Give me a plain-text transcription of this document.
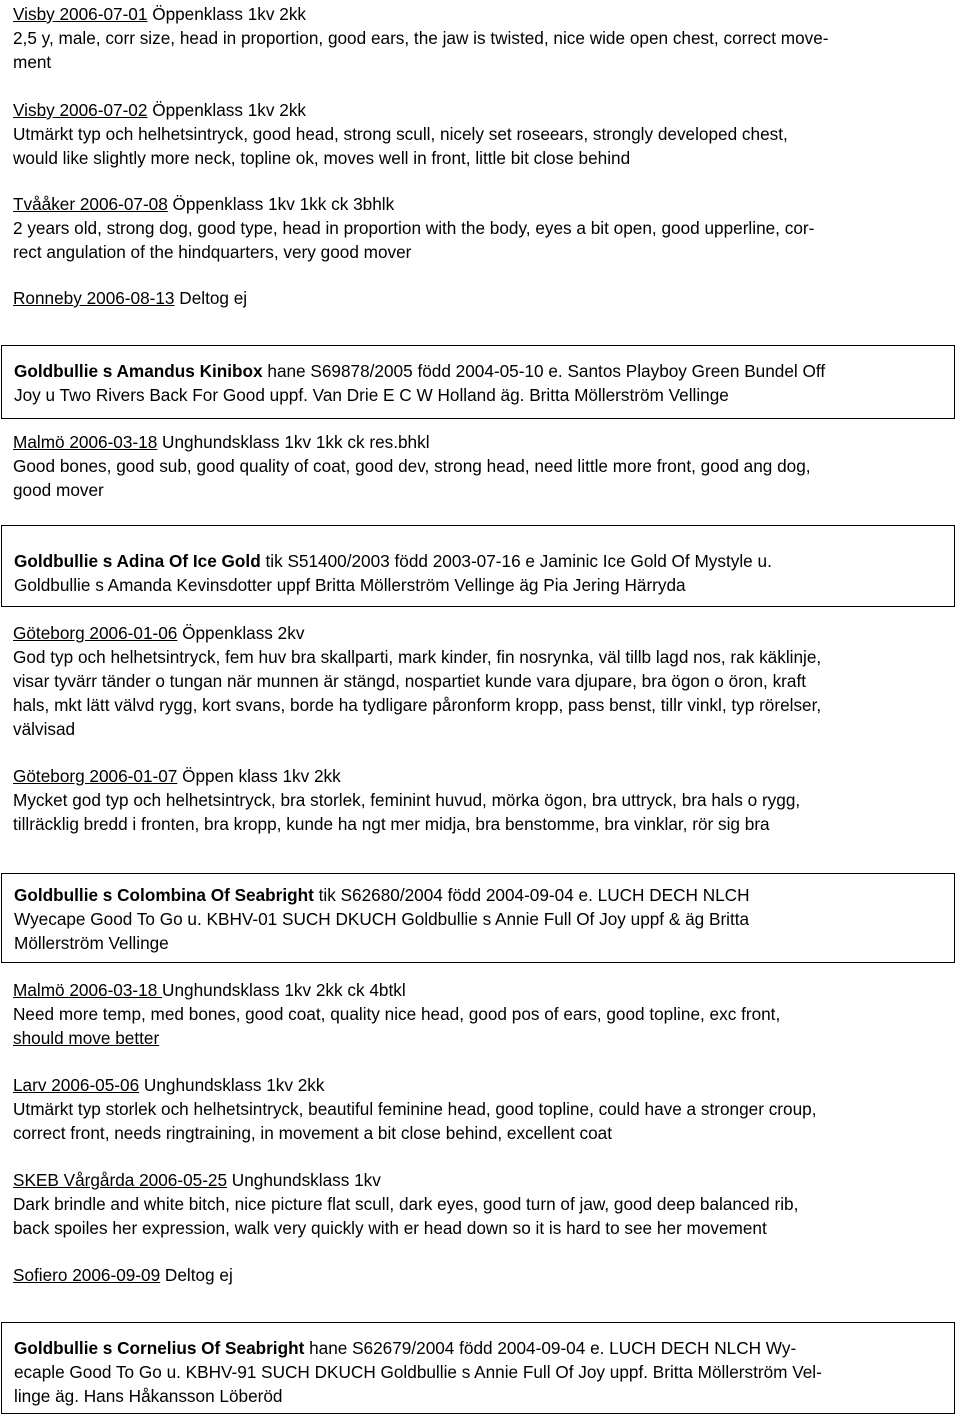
Visby 2006-07-01 Öppenklass 1kv 2kk
2,5 y, male, corr size, head in proportion, good ears, the jaw is twisted, nice wide open chest, correct move-
ment
Visby 2006-07-02 Öppenklass 1kv 2kk
Utmärkt typ och helhetsintryck, good head, strong scull, nicely set roseears, strongly developed chest,
would like slightly more neck, topline ok, moves well in front, little bit close behind
Tvååker 2006-07-08 Öppenklass 1kv 1kk ck 3bhlk
2 years old, strong dog, good type, head in proportion with the body, eyes a bit open, good upperline, cor-
rect angulation of the hindquarters, very good mover
Ronneby 2006-08-13 Deltog ej
Goldbullie s Amandus Kinibox hane S69878/2005 född 2004-05-10 e. Santos Playboy Green Bundel Off
Joy u Two Rivers Back For Good uppf. Van Drie E C W Holland äg. Britta Möllerström Vellinge
Malmö 2006-03-18 Unghundsklass 1kv 1kk ck res.bhkl
Good bones, good sub, good quality of coat, good dev, strong head, need little more front, good ang dog,
good mover
Goldbullie s Adina Of Ice Gold tik S51400/2003 född 2003-07-16 e Jaminic Ice Gold Of Mystyle u.
Goldbullie s Amanda Kevinsdotter uppf Britta Möllerström Vellinge äg Pia Jering Härryda
Göteborg 2006-01-06 Öppenklass 2kv
God typ och helhetsintryck, fem huv bra skallparti, mark kinder, fin nosrynka, väl tillb lagd nos, rak käklinje,
visar tyvärr tänder o tungan när munnen är stängd, nospartiet kunde vara djupare, bra ögon o öron, kraft
hals, mkt lätt välvd rygg, kort svans, borde ha tydligare påronform kropp, pass benst, tillr vinkl, typ rörelser,
välvisad
Göteborg 2006-01-07 Öppen klass 1kv 2kk
Mycket god typ och helhetsintryck, bra storlek, feminint huvud, mörka ögon, bra uttryck, bra hals o rygg,
tillräcklig bredd i fronten, bra kropp, kunde ha ngt mer midja, bra benstomme, bra vinklar, rör sig bra
Goldbullie s Colombina Of Seabright tik S62680/2004 född 2004-09-04 e. LUCH DECH NLCH
Wyecape Good To Go u. KBHV-01 SUCH DKUCH Goldbullie s Annie Full Of Joy uppf & äg Britta
Möllerström Vellinge
Malmö 2006-03-18 Unghundsklass 1kv 2kk ck 4btkl
Need more temp, med bones, good coat, quality nice head, good pos of ears, good topline, exc front,
should move better
Larv 2006-05-06 Unghundsklass 1kv 2kk
Utmärkt typ storlek och helhetsintryck, beautiful feminine head, good topline, could have a stronger croup,
correct front, needs ringtraining, in movement a bit close behind, excellent coat
SKEB Vårgårda 2006-05-25 Unghundsklass 1kv
Dark brindle and white bitch, nice picture flat scull, dark eyes, good turn of jaw, good deep balanced rib,
back spoiles her expression, walk very quickly with er head down so it is hard to see her movement
Sofiero 2006-09-09 Deltog ej
Goldbullie s Cornelius Of Seabright hane S62679/2004 född 2004-09-04 e. LUCH DECH NLCH Wy-
ecaple Good To Go u. KBHV-91 SUCH DKUCH Goldbullie s Annie Full Of Joy uppf. Britta Möllerström Vel-
linge äg. Hans Håkansson Löberöd
